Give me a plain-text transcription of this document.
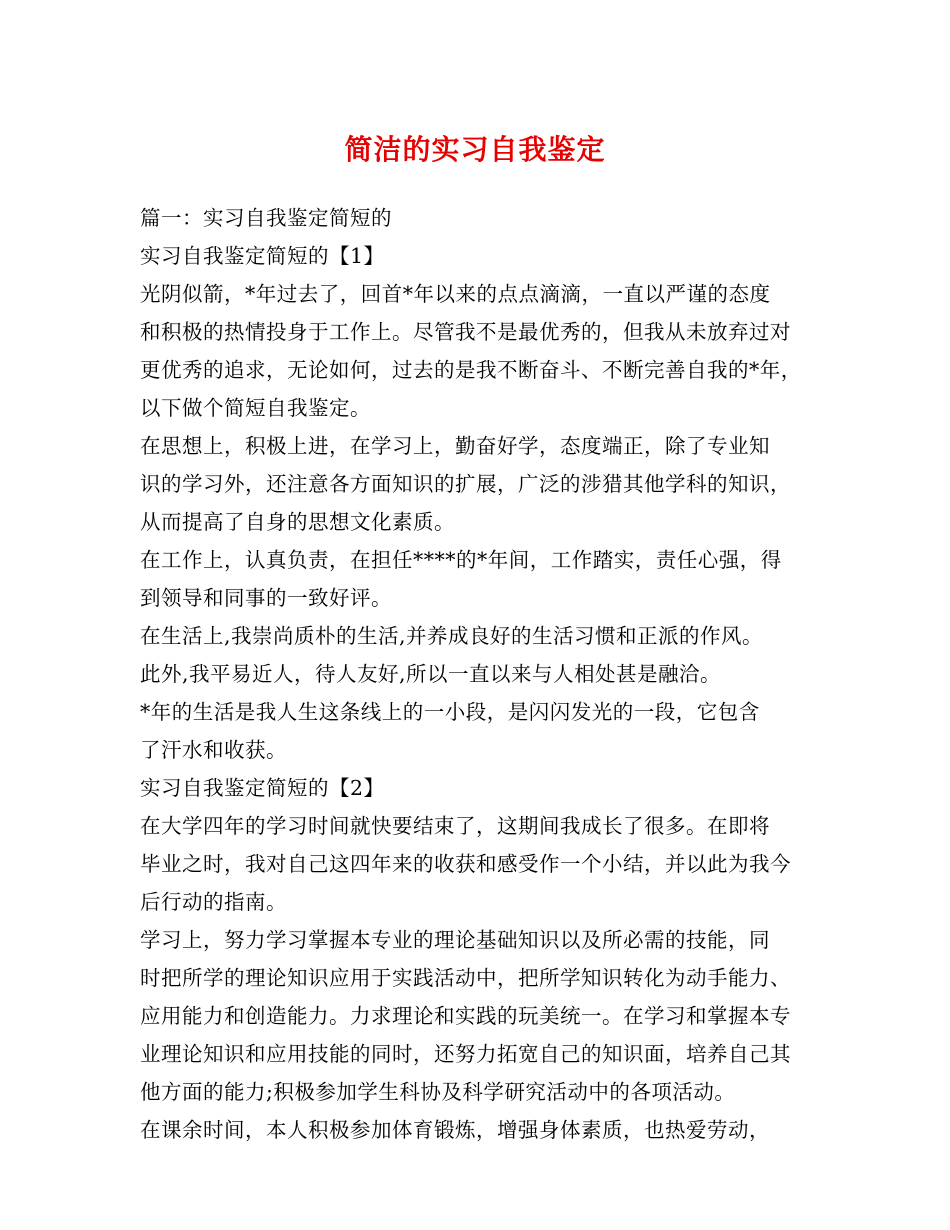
简洁的实习自我鉴定
篇一：实习自我鉴定简短的
实习自我鉴定简短的【1】
光阴似箭，*年过去了，回首*年以来的点点滴滴，一直以严谨的态度
和积极的热情投身于工作上。尽管我不是最优秀的，但我从未放弃过对
更优秀的追求，无论如何，过去的是我不断奋斗、不断完善自我的*年，
以下做个简短自我鉴定。
在思想上，积极上进，在学习上，勤奋好学，态度端正，除了专业知
识的学习外，还注意各方面知识的扩展，广泛的涉猎其他学科的知识，
从而提高了自身的思想文化素质。
在工作上，认真负责，在担任****的*年间，工作踏实，责任心强，得
到领导和同事的一致好评。
在生活上,我崇尚质朴的生活,并养成良好的生活习惯和正派的作风。
此外,我平易近人，待人友好,所以一直以来与人相处甚是融洽。
*年的生活是我人生这条线上的一小段，是闪闪发光的一段，它包含
了汗水和收获。
实习自我鉴定简短的【2】
在大学四年的学习时间就快要结束了，这期间我成长了很多。在即将
毕业之时，我对自己这四年来的收获和感受作一个小结，并以此为我今
后行动的指南。
学习上，努力学习掌握本专业的理论基础知识以及所必需的技能，同
时把所学的理论知识应用于实践活动中，把所学知识转化为动手能力、
应用能力和创造能力。力求理论和实践的玩美统一。在学习和掌握本专
业理论知识和应用技能的同时，还努力拓宽自己的知识面，培养自己其
他方面的能力;积极参加学生科协及科学研究活动中的各项活动。
在课余时间，本人积极参加体育锻炼，增强身体素质，也热爱劳动，
